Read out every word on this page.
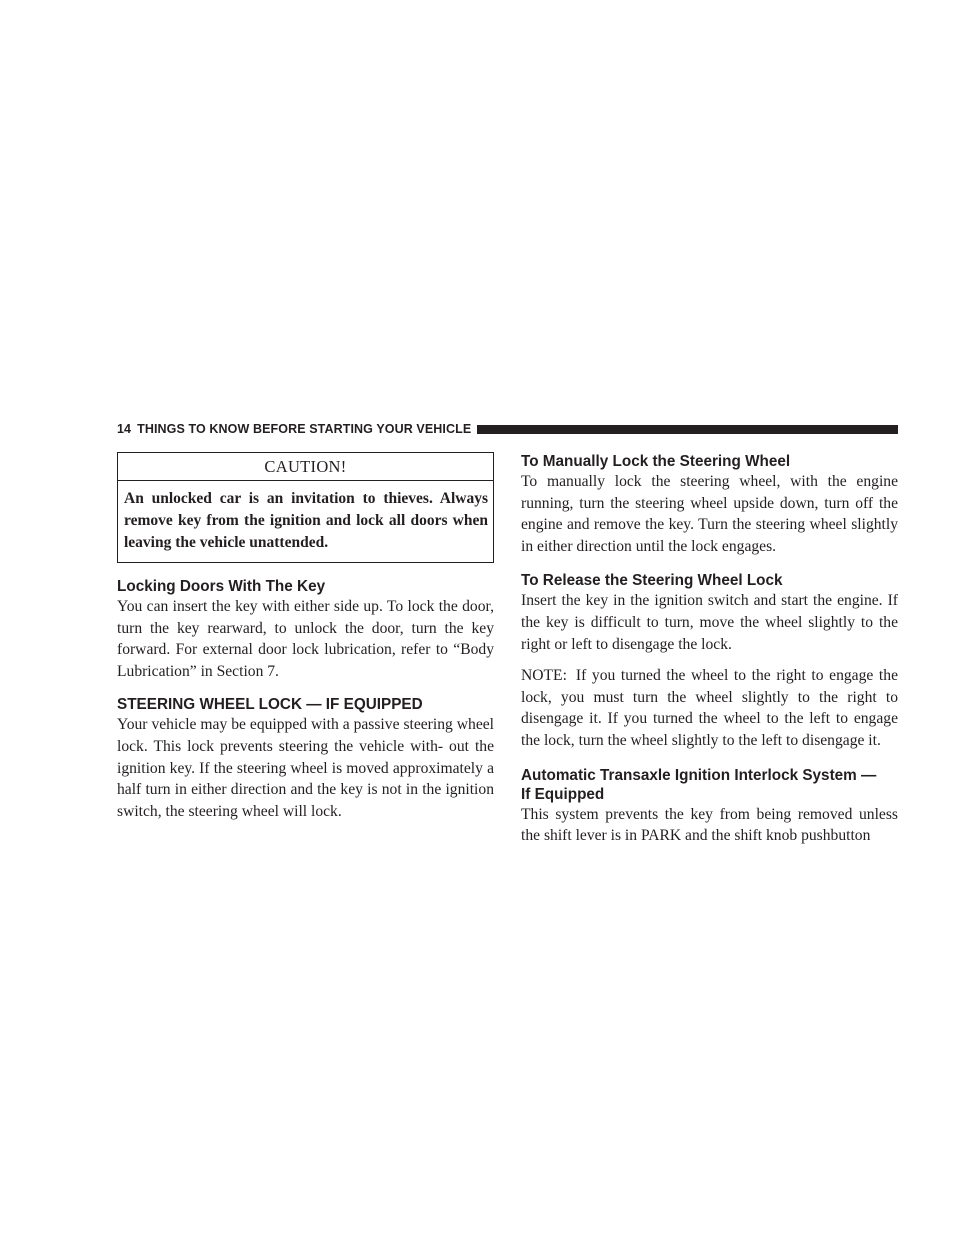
14 THINGS TO KNOW BEFORE STARTING YOUR VEHICLE
CAUTION!
An unlocked car is an invitation to thieves. Always remove key from the ignition and lock all doors when leaving the vehicle unattended.
Locking Doors With The Key

You can insert the key with either side up. To lock the door, turn the key rearward, to unlock the door, turn the key forward. For external door lock lubrication, refer to “Body Lubrication” in Section 7.

STEERING WHEEL LOCK — IF EQUIPPED

Your vehicle may be equipped with a passive steering wheel lock. This lock prevents steering the vehicle with- out the ignition key. If the steering wheel is moved approximately a half turn in either direction and the key is not in the ignition switch, the steering wheel will lock.

To Manually Lock the Steering Wheel

To manually lock the steering wheel, with the engine running, turn the steering wheel upside down, turn off the engine and remove the key. Turn the steering wheel slightly in either direction until the lock engages.

To Release the Steering Wheel Lock

Insert the key in the ignition switch and start the engine. If the key is difficult to turn, move the wheel slightly to the right or left to disengage the lock.

NOTE: If you turned the wheel to the right to engage the lock, you must turn the wheel slightly to the right to disengage it. If you turned the wheel to the left to engage the lock, turn the wheel slightly to the left to disengage it.

Automatic Transaxle Ignition Interlock System —
If Equipped

This system prevents the key from being removed unless the shift lever is in PARK and the shift knob pushbutton
